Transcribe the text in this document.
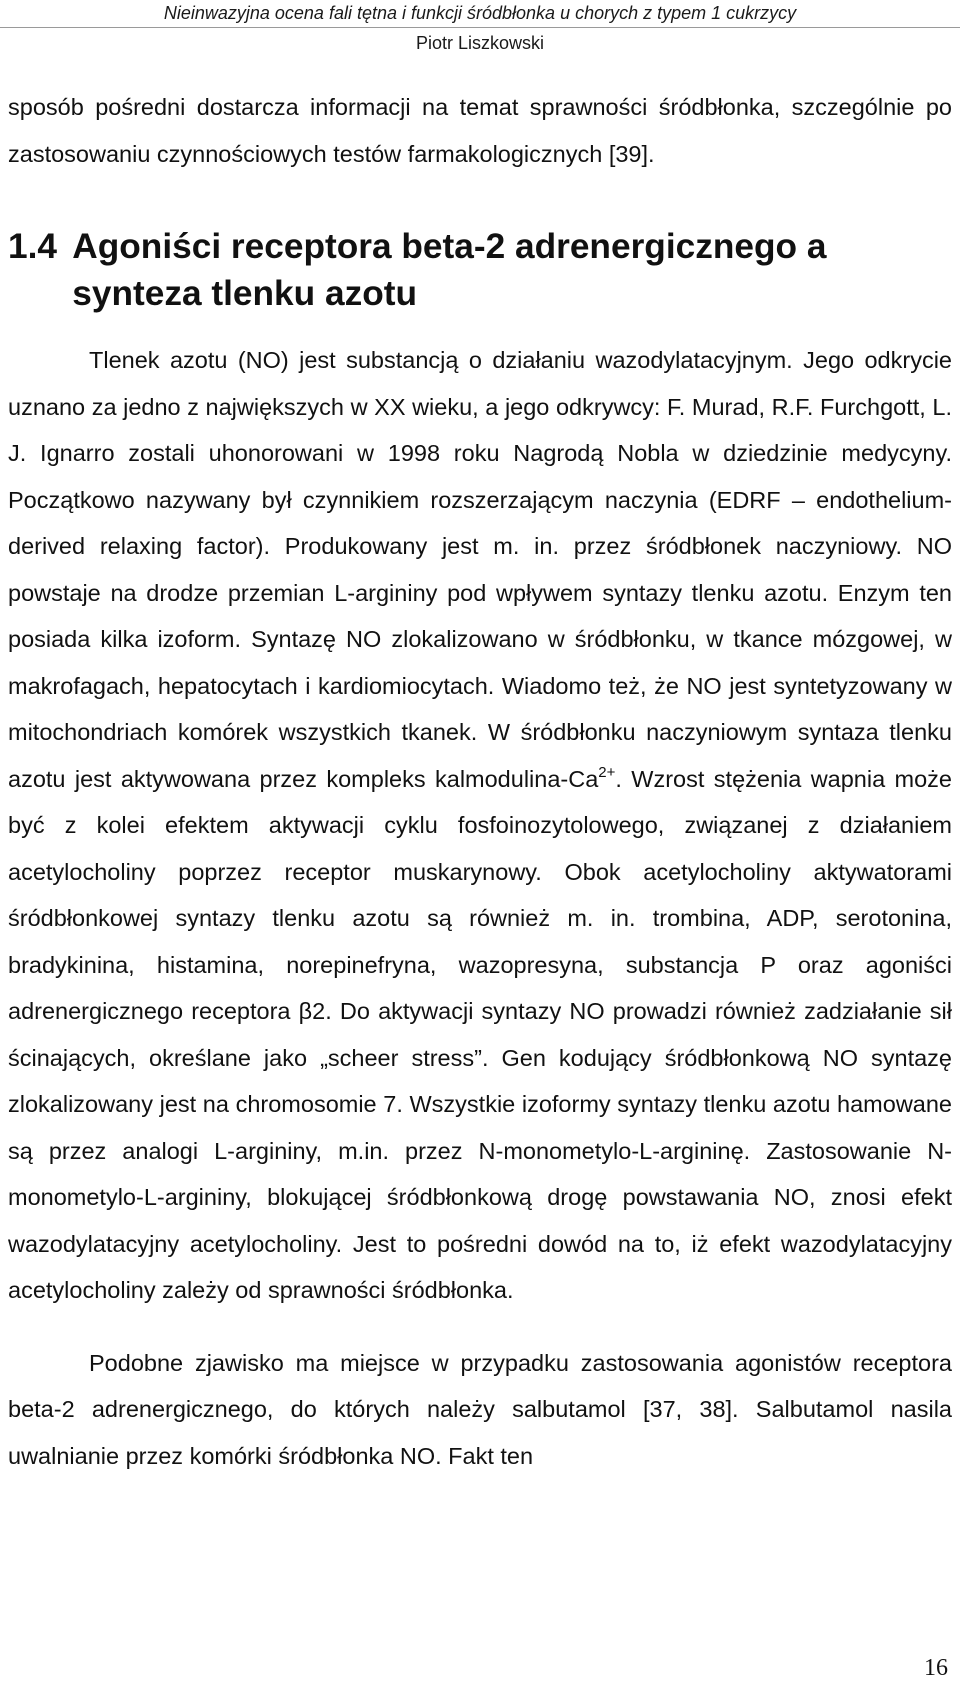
Nieinwazyjna ocena fali tętna i funkcji śródbłonka u chorych z typem 1 cukrzycy
Piotr Liszkowski

sposób pośredni dostarcza informacji na temat sprawności śródbłonka, szczególnie po zastosowaniu czynnościowych testów farmakologicznych [39].

1.4 Agoniści receptora beta-2 adrenergicznego a synteza tlenku azotu

Tlenek azotu (NO) jest substancją o działaniu wazodylatacyjnym. Jego odkrycie uznano za jedno z największych w XX wieku, a jego odkrywcy: F. Murad, R.F. Furchgott, L. J. Ignarro zostali uhonorowani w 1998 roku Nagrodą Nobla w dziedzinie medycyny. Początkowo nazywany był czynnikiem rozszerzającym naczynia (EDRF – endothelium-derived relaxing factor). Produkowany jest m. in. przez śródbłonek naczyniowy. NO powstaje na drodze przemian L-argininy pod wpływem syntazy tlenku azotu. Enzym ten posiada kilka izoform. Syntazę NO zlokalizowano w śródbłonku, w tkance mózgowej, w makrofagach, hepatocytach i kardiomiocytach. Wiadomo też, że NO jest syntetyzowany w mitochondriach komórek wszystkich tkanek. W śródbłonku naczyniowym syntaza tlenku azotu jest aktywowana przez kompleks kalmodulina-$Ca^{2+}$. Wzrost stężenia wapnia może być z kolei efektem aktywacji cyklu fosfoinozytolowego, związanej z działaniem acetylocholiny poprzez receptor muskarynowy. Obok acetylocholiny aktywatorami śródbłonkowej syntazy tlenku azotu są również m. in. trombina, ADP, serotonina, bradykinina, histamina, norepinefryna, wazopresyna, substancja P oraz agoniści adrenergicznego receptora β2. Do aktywacji syntazy NO prowadzi również zadziałanie sił ścinających, określane jako „scheer stress”. Gen kodujący śródbłonkową NO syntazę zlokalizowany jest na chromosomie 7. Wszystkie izoformy syntazy tlenku azotu hamowane są przez analogi L-argininy, m.in. przez N-monometylo-L-argininę. Zastosowanie N-monometylo-L-argininy, blokującej śródbłonkową drogę powstawania NO, znosi efekt wazodylatacyjny acetylocholiny. Jest to pośredni dowód na to, iż efekt wazodylatacyjny acetylocholiny zależy od sprawności śródbłonka.

Podobne zjawisko ma miejsce w przypadku zastosowania agonistów receptora beta-2 adrenergicznego, do których należy salbutamol [37, 38]. Salbutamol nasila uwalnianie przez komórki śródbłonka NO. Fakt ten

16
